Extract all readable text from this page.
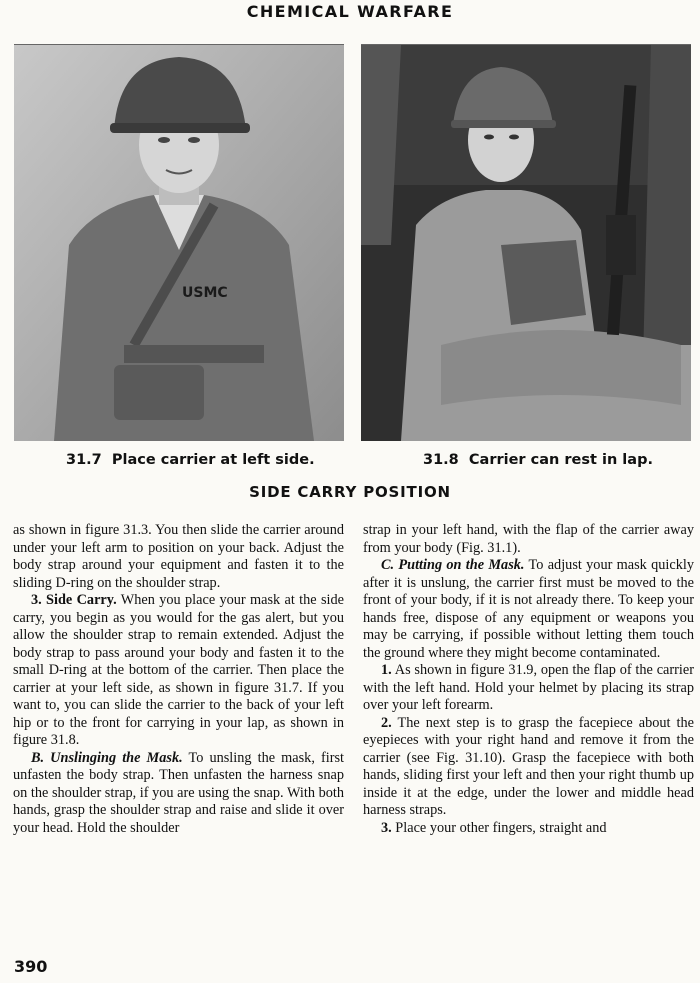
CHEMICAL WARFARE
USMC
31.7 Place carrier at left side.	31.8 Carrier can rest in lap.
SIDE CARRY POSITION

as shown in figure 31.3. You then slide the carrier around under your left arm to position on your back. Adjust the body strap around your equipment and fasten it to the sliding D-ring on the shoulder strap.

3. Side Carry. When you place your mask at the side carry, you begin as you would for the gas alert, but you allow the shoulder strap to remain extended. Adjust the body strap to pass around your body and fasten it to the small D-ring at the bottom of the carrier. Then place the carrier at your left side, as shown in figure 31.7. If you want to, you can slide the carrier to the back of your left hip or to the front for carrying in your lap, as shown in figure 31.8.

B. Unslinging the Mask. To unsling the mask, first unfasten the body strap. Then unfasten the harness snap on the shoulder strap, if you are using the snap. With both hands, grasp the shoulder strap and raise and slide it over your head. Hold the shoulder

strap in your left hand, with the flap of the carrier away from your body (Fig. 31.1).

C. Putting on the Mask. To adjust your mask quickly after it is unslung, the carrier first must be moved to the front of your body, if it is not already there. To keep your hands free, dispose of any equipment or weapons you may be carrying, if possible without letting them touch the ground where they might become contaminated.

1. As shown in figure 31.9, open the flap of the carrier with the left hand. Hold your helmet by placing its strap over your left forearm.

2. The next step is to grasp the facepiece about the eyepieces with your right hand and remove it from the carrier (see Fig. 31.10). Grasp the facepiece with both hands, sliding first your left and then your right thumb up inside it at the edge, under the lower and middle head harness straps.

3. Place your other fingers, straight and

390
